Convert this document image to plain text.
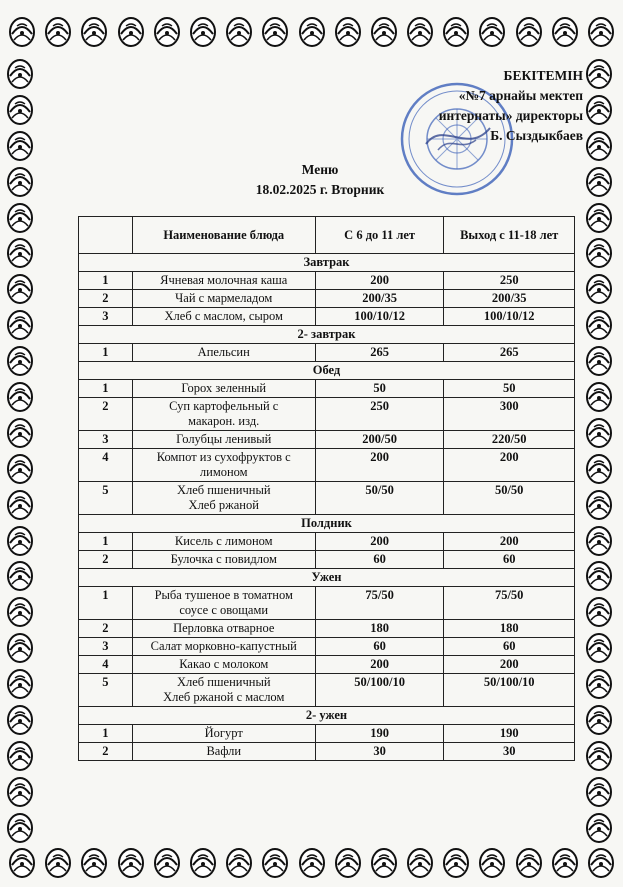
БЕКІТЕМІН
«№7 арнайы мектеп
интернаты» директоры
Б. Сыздыкбаев
Меню
18.02.2025 г. Вторник
	Наименование блюда	С 6 до 11 лет	Выход с 11-18 лет
Завтрак			
1	Ячневая молочная каша	200	250
2	Чай с мармеладом	200/35	200/35
3	Хлеб с маслом, сыром	100/10/12	100/10/12
2- завтрак			
1	Апельсин	265	265
Обед			
1	Горох зеленный	50	50
2	Суп картофельный с
макарон. изд.	250	300
3	Голубцы ленивый	200/50	220/50
4	Компот из сухофруктов с
лимоном	200	200
5	Хлеб пшеничный
Хлеб ржаной	50/50	50/50
Полдник			
1	Кисель с лимоном	200	200
2	Булочка с повидлом	60	60
Ужен			
1	Рыба тушеное в томатном
соусе с овощами	75/50	75/50
2	Перловка отварное	180	180
3	Салат морковно-капустный	60	60
4	Какао с молоком	200	200
5	Хлеб пшеничный
Хлеб ржаной с маслом	50/100/10	50/100/10
2- ужен			
1	Йогурт	190	190
2	Вафли	30	30
